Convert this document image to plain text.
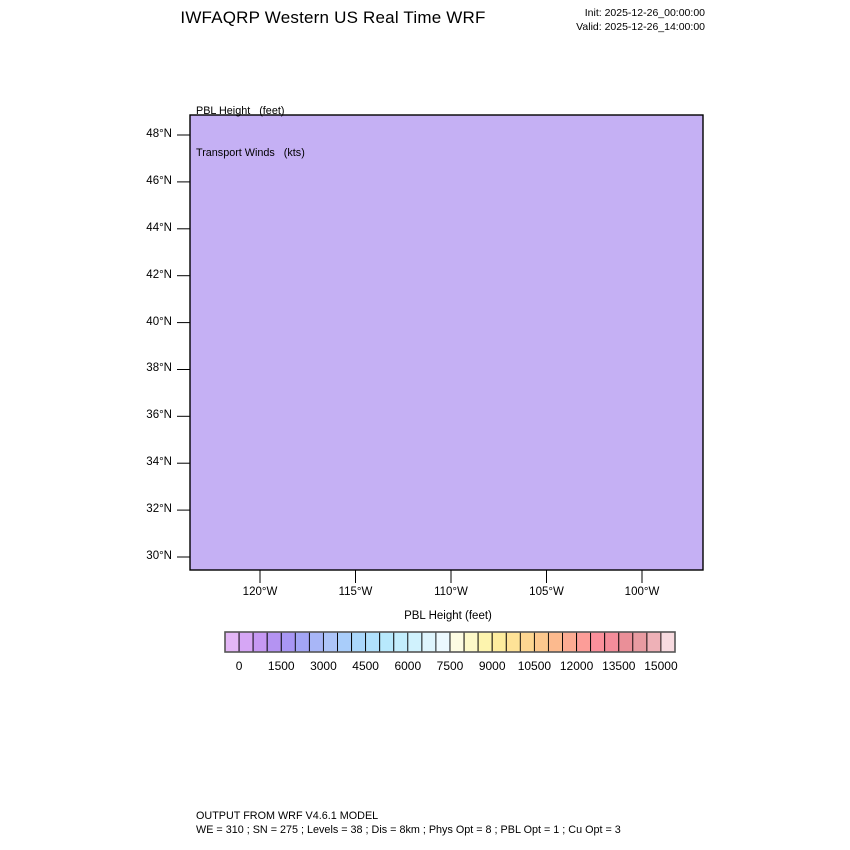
IWFAQRP Western US Real Time WRF	Init: 2025-12-26_00:00:00
Valid: 2025-12-26_14:00:00

PBL Height   (feet)

Transport Winds   (kts)

48°N
46°N
44°N
42°N
40°N
38°N
36°N
34°N
32°N
30°N
120°W	115°W	110°W	105°W	100°W
PBL Height (feet)
0	1500	3000	4500	6000	7500	9000	10500 12000 13500 15000
OUTPUT FROM WRF V4.6.1 MODEL
WE = 310 ; SN = 275 ; Levels = 38 ; Dis = 8km ; Phys Opt = 8 ; PBL Opt = 1 ; Cu Opt = 3
